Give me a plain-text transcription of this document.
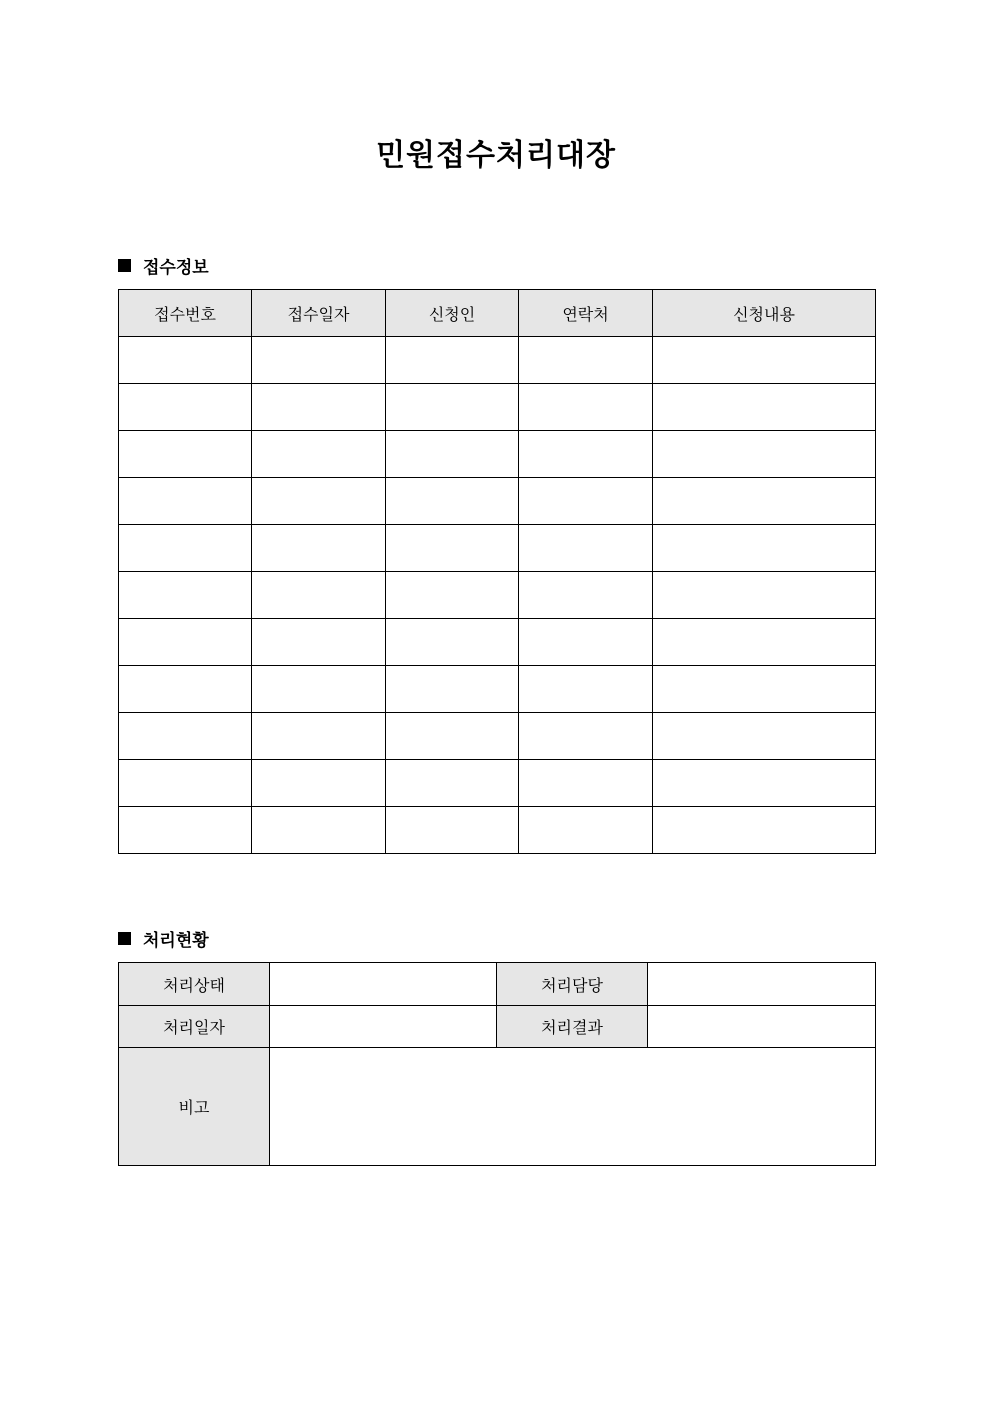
민원접수처리대장
접수정보
접수번호	접수일자	신청인	연락처	신청내용

처리현황
처리상태		처리담당	
처리일자		처리결과	
비고			
